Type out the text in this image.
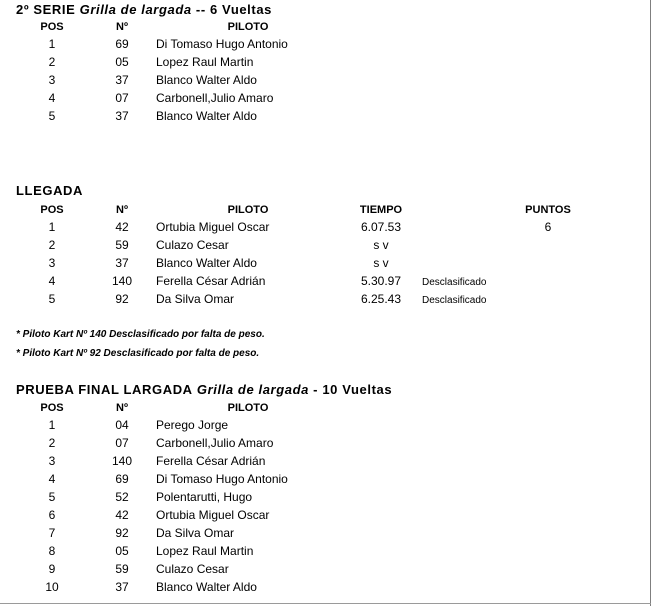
2º SERIE Grilla de largada -- 6 Vueltas
POS	Nº	PILOTO
1	69 Di Tomaso Hugo Antonio
2	05 Lopez Raul Martin
3	37 Blanco Walter Aldo
4	07 Carbonell,Julio Amaro
5	37 Blanco Walter Aldo
LLEGADA
POS	Nº	PILOTO	TIEMPO	PUNTOS
1	42 Ortubia Miguel Oscar	6.07.53	6
2	59 Culazo Cesar	s v
3	37 Blanco Walter Aldo	s v
4	140 Ferella César Adrián	5.30.97 Desclasificado
5	92 Da Silva Omar	6.25.43 Desclasificado
* Piloto Kart Nº 140 Desclasificado por falta de peso.
* Piloto Kart Nº 92 Desclasificado por falta de peso.
PRUEBA FINAL LARGADA Grilla de largada - 10 Vueltas
POS	Nº	PILOTO
1	04 Perego Jorge
2	07 Carbonell,Julio Amaro
3	140 Ferella César Adrián
4	69 Di Tomaso Hugo Antonio
5	52 Polentarutti, Hugo
6	42 Ortubia Miguel Oscar
7	92 Da Silva Omar
8	05 Lopez Raul Martin
9	59 Culazo Cesar
10	37 Blanco Walter Aldo
